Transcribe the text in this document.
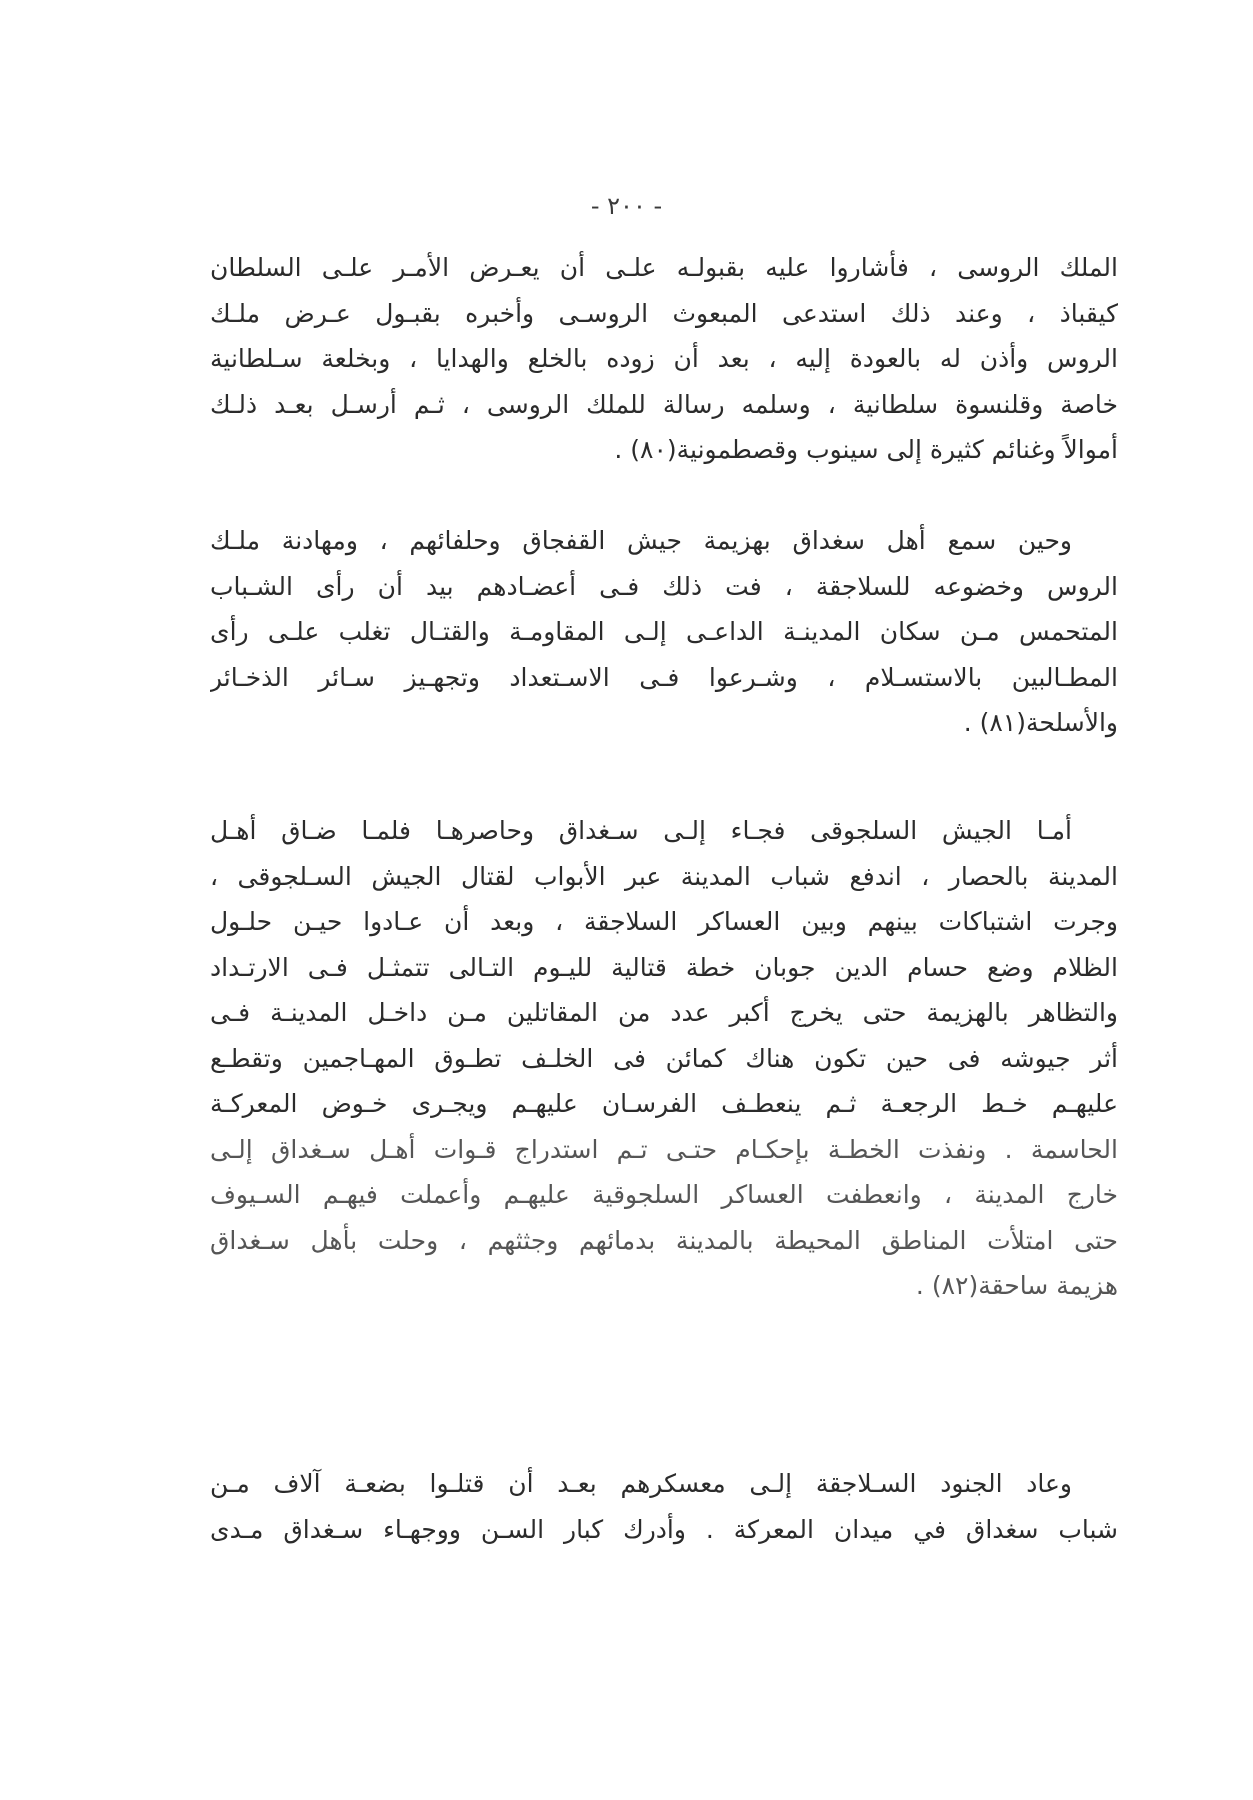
- ٢٠٠ -
الملك الروسى ، فأشاروا عليه بقبولـه علـى أن يعـرض الأمـر علـى السلطان
كيقباذ ، وعند ذلك استدعى المبعوث الروسـى وأخبره بقبـول عـرض ملـك
الروس وأذن له بالعودة إليه ، بعد أن زوده بالخلع والهدايا ، وبخلعة سـلطانية
خاصة وقلنسوة سلطانية ، وسلمه رسالة للملك الروسى ، ثـم أرسـل بعـد ذلـك
أموالاً وغنائم كثيرة إلى سينوب وقصطمونية(٨٠) .
وحين سمع أهل سغداق بهزيمة جيش القفجاق وحلفائهم ، ومهادنة ملـك
الروس وخضوعه للسلاجقة ، فت ذلك فـى أعضـادهم بيد أن رأى الشـباب
المتحمس مـن سكان المدينـة الداعـى إلـى المقاومـة والقتـال تغلب علـى رأى
المطـالبين بالاستسـلام ، وشـرعوا فـى الاسـتعداد وتجهـيز سـائر الذخـائر
والأسلحة(٨١) .
أمـا الجيش السلجوقى فجـاء إلـى سـغداق وحاصرهـا فلمـا ضـاق أهـل
المدينة بالحصار ، اندفع شباب المدينة عبر الأبواب لقتال الجيش السـلجوقى ،
وجرت اشتباكات بينهم وبين العساكر السلاجقة ، وبعد أن عـادوا حيـن حلـول
الظلام وضع حسام الدين جوبان خطة قتالية لليـوم التـالى تتمثـل فـى الارتـداد
والتظاهر بالهزيمة حتى يخرج أكبر عدد من المقاتلين مـن داخـل المدينـة فـى
أثر جيوشه فى حين تكون هناك كمائن فى الخلـف تطـوق المهـاجمين وتقطـع
عليهـم خـط الرجعـة ثـم ينعطـف الفرسـان عليهـم ويجـرى خـوض المعركـة
الحاسمة . ونفذت الخطـة بإحكـام حتـى تـم استدراج قـوات أهـل سـغداق إلـى
خارج المدينة ، وانعطفت العساكر السلجوقية عليهـم وأعملت فيهـم السـيوف
حتى امتلأت المناطق المحيطة بالمدينة بدمائهم وجثثهم ، وحلت بأهل سـغداق
هزيمة ساحقة(٨٢) .
وعاد الجنود السـلاجقة إلـى معسكرهم بعـد أن قتلـوا بضعـة آلاف مـن
شباب سغداق في ميدان المعركة . وأدرك كبار السـن ووجهـاء سـغداق مـدى
